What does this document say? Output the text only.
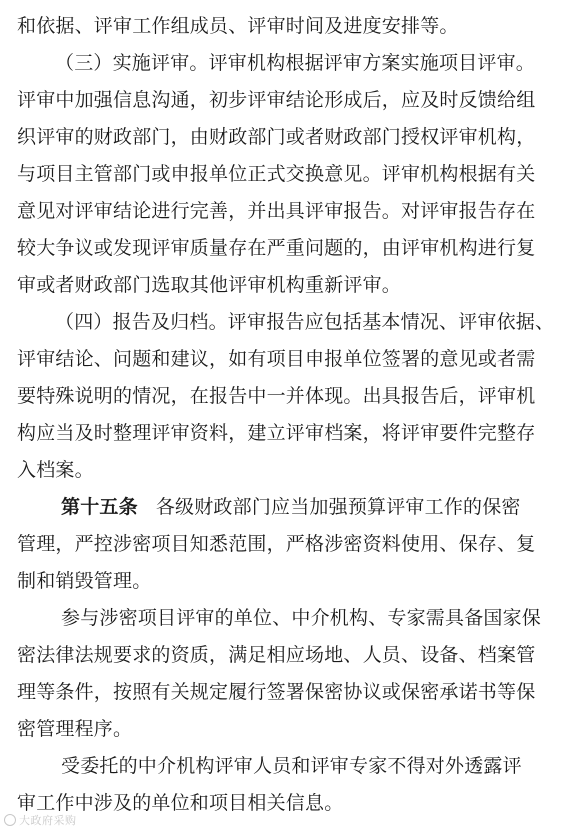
和依据、评审工作组成员、评审时间及进度安排等。
（三）实施评审。评审机构根据评审方案实施项目评审。
评审中加强信息沟通，初步评审结论形成后，应及时反馈给组
织评审的财政部门，由财政部门或者财政部门授权评审机构，
与项目主管部门或申报单位正式交换意见。评审机构根据有关
意见对评审结论进行完善，并出具评审报告。对评审报告存在
较大争议或发现评审质量存在严重问题的，由评审机构进行复
审或者财政部门选取其他评审机构重新评审。
（四）报告及归档。评审报告应包括基本情况、评审依据、
评审结论、问题和建议，如有项目申报单位签署的意见或者需
要特殊说明的情况，在报告中一并体现。出具报告后，评审机
构应当及时整理评审资料，建立评审档案，将评审要件完整存
入档案。
第十五条 各级财政部门应当加强预算评审工作的保密
管理，严控涉密项目知悉范围，严格涉密资料使用、保存、复
制和销毁管理。
参与涉密项目评审的单位、中介机构、专家需具备国家保
密法律法规要求的资质，满足相应场地、人员、设备、档案管
理等条件，按照有关规定履行签署保密协议或保密承诺书等保
密管理程序。
受委托的中介机构评审人员和评审专家不得对外透露评
审工作中涉及的单位和项目相关信息。
大政府采购
